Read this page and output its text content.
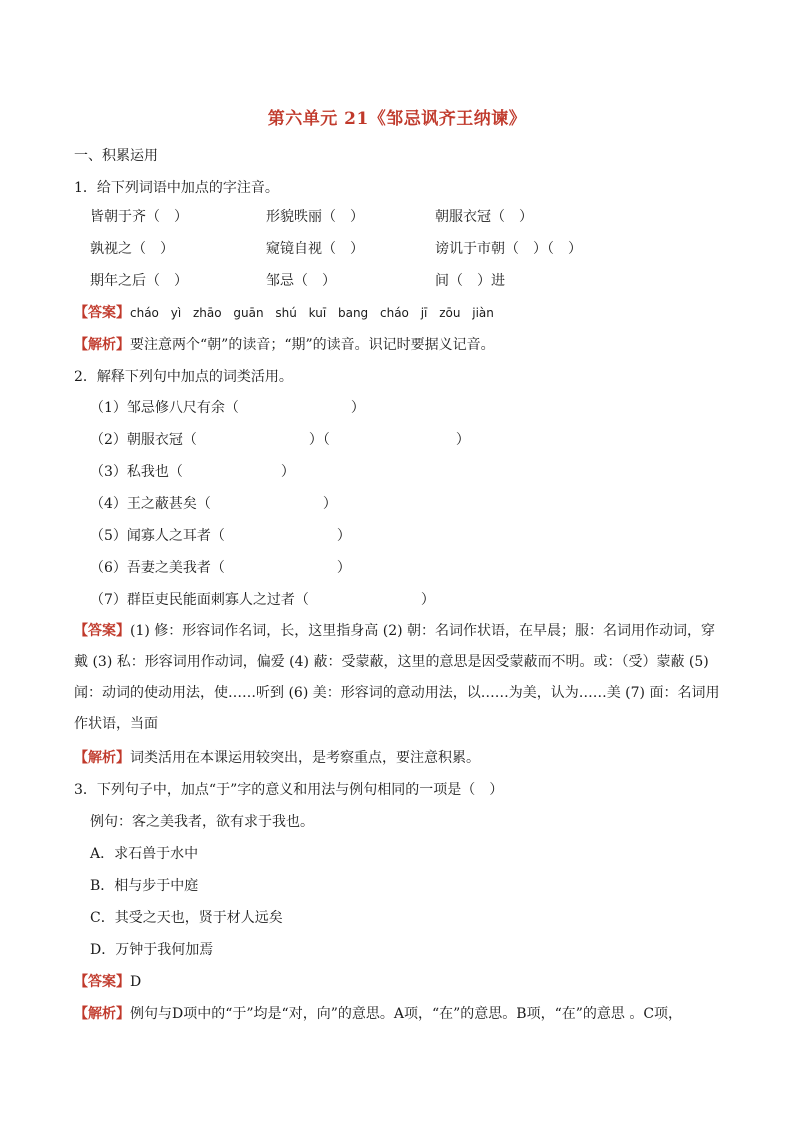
第六单元 21《邹忌讽齐王纳谏》
一、积累运用
1．给下列词语中加点的字注音。
皆朝于齐（　）	形貌昳丽（　）	朝服衣冠（　）
孰视之（　）	窥镜自视（　）	谤讥于市朝（　）（　）
期年之后（　）	邹忌（　）	间（　）进
【答案】cháo yì zhāo guān shú kuī bang cháo jī zōu jiàn
【解析】要注意两个“朝”的读音；“期”的读音。识记时要据义记音。
2．解释下列句中加点的词类活用。
（1）邹忌修八尺有余（　　　　　　　　）
（2）朝服衣冠（　　　　　　　　）（　　　　　　　　　）
（3）私我也（　　　　　　　）
（4）王之蔽甚矣（　　　　　　　　）
（5）闻寡人之耳者（　　　　　　　　）
（6）吾妻之美我者（　　　　　　　　）
（7）群臣吏民能面刺寡人之过者（　　　　　　　　）
【答案】(1) 修：形容词作名词，长，这里指身高 (2) 朝：名词作状语，在早晨；服：名词用作动词，穿戴 (3) 私：形容词用作动词，偏爱 (4) 蔽：受蒙蔽，这里的意思是因受蒙蔽而不明。或：（受）蒙蔽 (5) 闻：动词的使动用法，使……听到 (6) 美：形容词的意动用法，以……为美，认为……美 (7) 面：名词用作状语，当面
【解析】词类活用在本课运用较突出，是考察重点，要注意积累。
3．下列句子中，加点“于”字的意义和用法与例句相同的一项是（　）
例句：客之美我者，欲有求于我也。
A．求石兽于水中
B．相与步于中庭
C．其受之天也，贤于材人远矣
D．万钟于我何加焉
【答案】D
【解析】例句与D项中的“于”均是“对，向”的意思。A项，“在”的意思。B项，“在”的意思 。C项，
